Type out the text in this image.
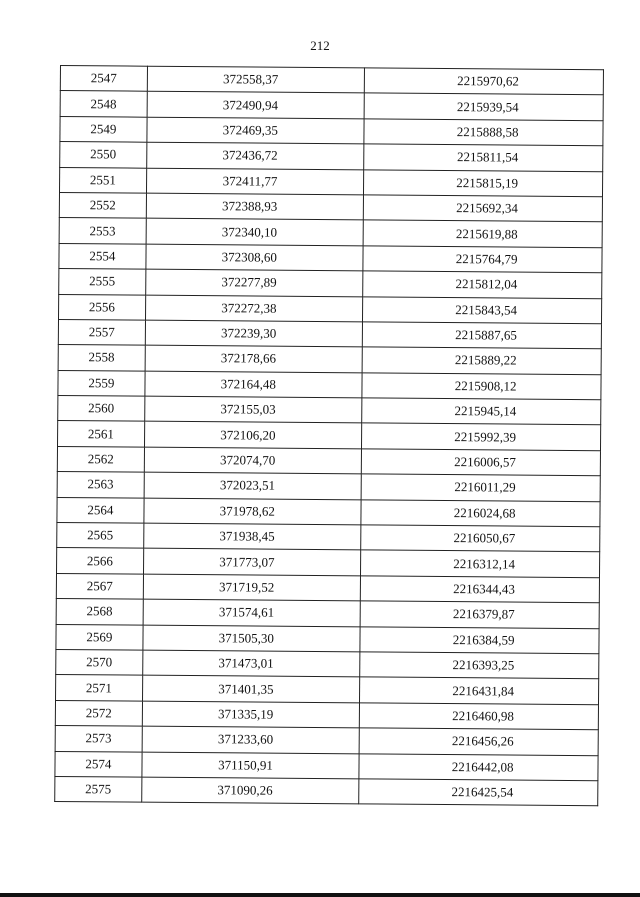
212
2547	372558,37	2215970,62
2548	372490,94	2215939,54
2549	372469,35	2215888,58
2550	372436,72	2215811,54
2551	372411,77	2215815,19
2552	372388,93	2215692,34
2553	372340,10	2215619,88
2554	372308,60	2215764,79
2555	372277,89	2215812,04
2556	372272,38	2215843,54
2557	372239,30	2215887,65
2558	372178,66	2215889,22
2559	372164,48	2215908,12
2560	372155,03	2215945,14
2561	372106,20	2215992,39
2562	372074,70	2216006,57
2563	372023,51	2216011,29
2564	371978,62	2216024,68
2565	371938,45	2216050,67
2566	371773,07	2216312,14
2567	371719,52	2216344,43
2568	371574,61	2216379,87
2569	371505,30	2216384,59
2570	371473,01	2216393,25
2571	371401,35	2216431,84
2572	371335,19	2216460,98
2573	371233,60	2216456,26
2574	371150,91	2216442,08
2575	371090,26	2216425,54
